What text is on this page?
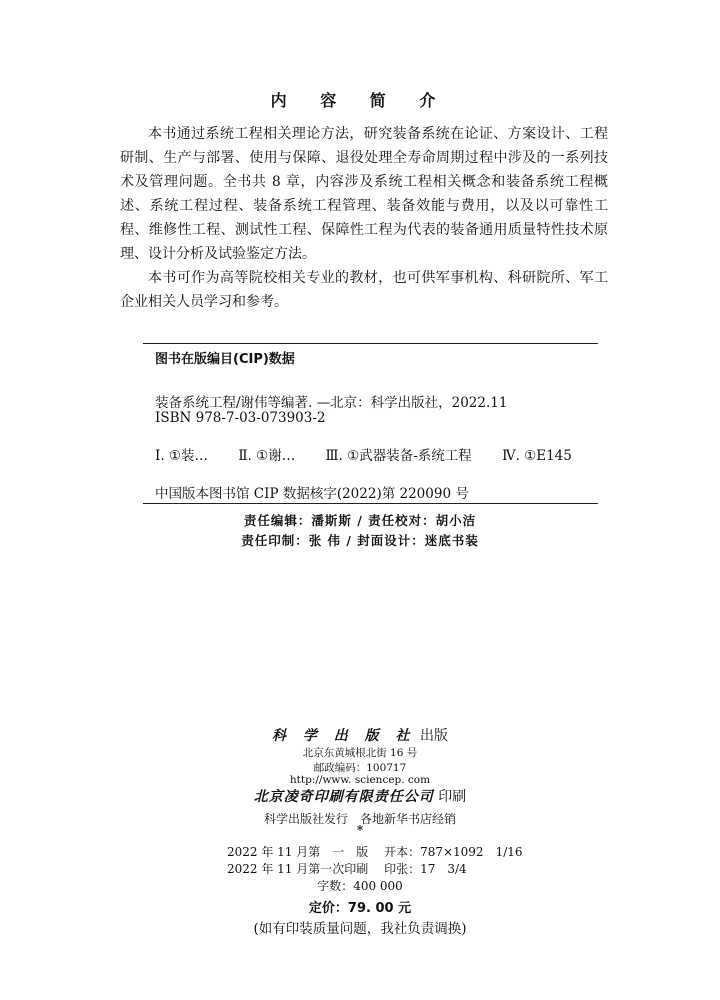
内 容 简 介

本书通过系统工程相关理论方法，研究装备系统在论证、方案设计、工程研制、生产与部署、使用与保障、退役处理全寿命周期过程中涉及的一系列技术及管理问题。全书共 8 章，内容涉及系统工程相关概念和装备系统工程概述、系统工程过程、装备系统工程管理、装备效能与费用，以及以可靠性工程、维修性工程、测试性工程、保障性工程为代表的装备通用质量特性技术原理、设计分析及试验鉴定方法。

本书可作为高等院校相关专业的教材，也可供军事机构、科研院所、军工企业相关人员学习和参考。

图书在版编目(CIP)数据
装备系统工程/谢伟等编著. —北京：科学出版社，2022.11
ISBN 978-7-03-073903-2
Ⅰ. ①装… Ⅱ. ①谢… Ⅲ. ①武器装备-系统工程 Ⅳ. ①E145
中国版本图书馆 CIP 数据核字(2022)第 220090 号
责任编辑：潘斯斯 / 责任校对：胡小洁
责任印制：张 伟 / 封面设计：迷底书装
科 学 出 版 社 出版
北京东黄城根北街 16 号
邮政编码：100717
http://www. sciencep. com
北京凌奇印刷有限责任公司 印刷
科学出版社发行　各地新华书店经销
*
2022 年 11 月第　一　版　 开本：787×1092　1/16
2022 年 11 月第一次印刷　 印张：17　3/4
字数：400 000
定价：79. 00 元
(如有印装质量问题，我社负责调换)
